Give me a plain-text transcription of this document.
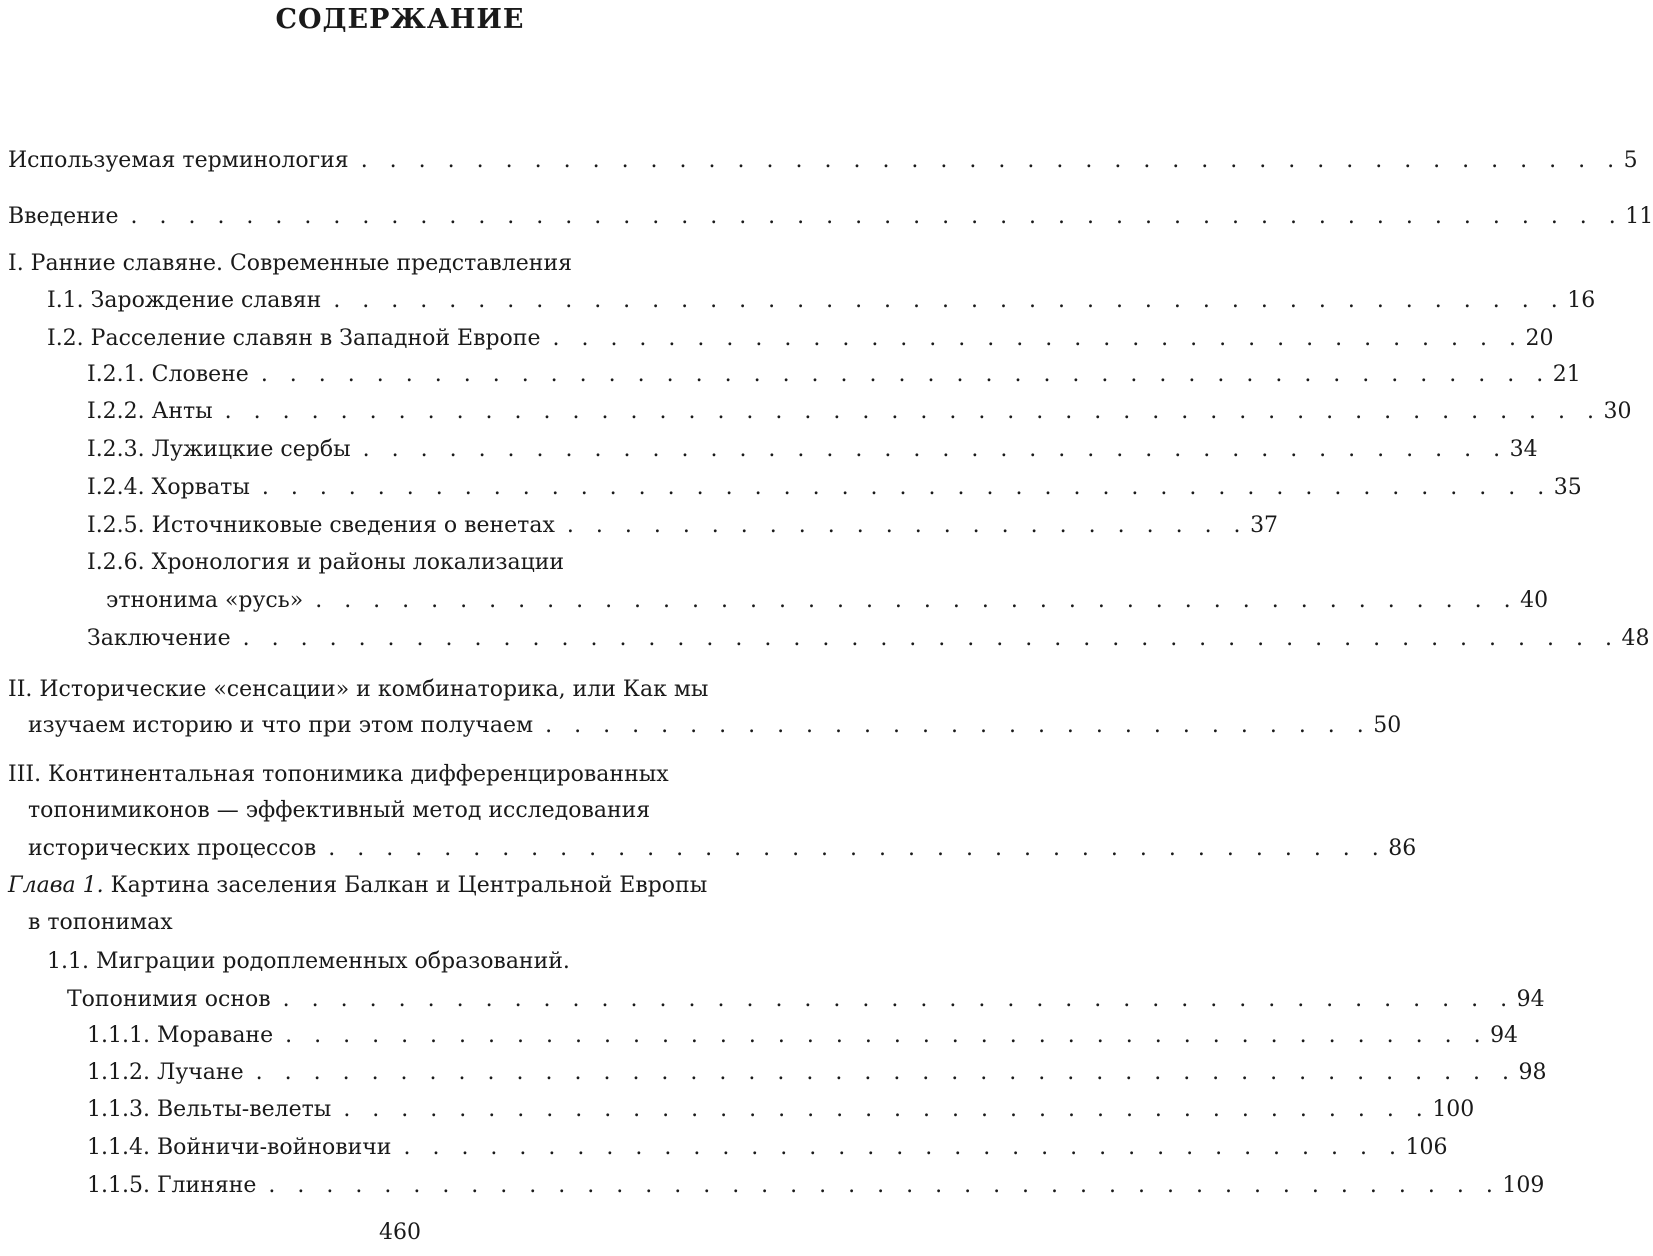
СОДЕРЖАНИЕ
Используемая терминология . . . . . . . . . . . . . . . . . . . . . . . . . . . . . . . . . . . . . . . . . . . . 5
Введение . . . . . . . . . . . . . . . . . . . . . . . . . . . . . . . . . . . . . . . . . . . . . . . . . . . . 11
I. Ранние славяне. Современные представления
I.1. Зарождение славян . . . . . . . . . . . . . . . . . . . . . . . . . . . . . . . . . . . . . . . . . . . 16
I.2. Расселение славян в Западной Европе . . . . . . . . . . . . . . . . . . . . . . . . . . . . . . . . . . 20
I.2.1. Словене . . . . . . . . . . . . . . . . . . . . . . . . . . . . . . . . . . . . . . . . . . . . . 21
I.2.2. Анты . . . . . . . . . . . . . . . . . . . . . . . . . . . . . . . . . . . . . . . . . . . . . . . . 30
I.2.3. Лужицкие сербы . . . . . . . . . . . . . . . . . . . . . . . . . . . . . . . . . . . . . . . . 34
I.2.4. Хорваты . . . . . . . . . . . . . . . . . . . . . . . . . . . . . . . . . . . . . . . . . . . . . 35
I.2.5. Источниковые сведения о венетах . . . . . . . . . . . . . . . . . . . . . . . . 37
I.2.6. Хронология и районы локализации
этнонима «русь» . . . . . . . . . . . . . . . . . . . . . . . . . . . . . . . . . . . . . . . . . . 40
Заключение . . . . . . . . . . . . . . . . . . . . . . . . . . . . . . . . . . . . . . . . . . . . . . . . 48
II. Исторические «сенсации» и комбинаторика, или Как мы
изучаем историю и что при этом получаем . . . . . . . . . . . . . . . . . . . . . . . . . . . . . 50
III. Континентальная топонимика дифференцированных
топонимиконов — эффективный метод исследования
исторических процессов . . . . . . . . . . . . . . . . . . . . . . . . . . . . . . . . . . . . . 86
Глава 1. Картина заселения Балкан и Центральной Европы
в топонимах
1.1. Миграции родоплеменных образований.
Топонимия основ . . . . . . . . . . . . . . . . . . . . . . . . . . . . . . . . . . . . . . . . . . . 94
1.1.1. Мораване . . . . . . . . . . . . . . . . . . . . . . . . . . . . . . . . . . . . . . . . . . 94
1.1.2. Лучане . . . . . . . . . . . . . . . . . . . . . . . . . . . . . . . . . . . . . . . . . . . . 98
1.1.3. Вельты-велеты . . . . . . . . . . . . . . . . . . . . . . . . . . . . . . . . . . . . . . 100
1.1.4. Войничи-войновичи . . . . . . . . . . . . . . . . . . . . . . . . . . . . . . . . . . . 106
1.1.5. Глиняне . . . . . . . . . . . . . . . . . . . . . . . . . . . . . . . . . . . . . . . . . . . 109
460
